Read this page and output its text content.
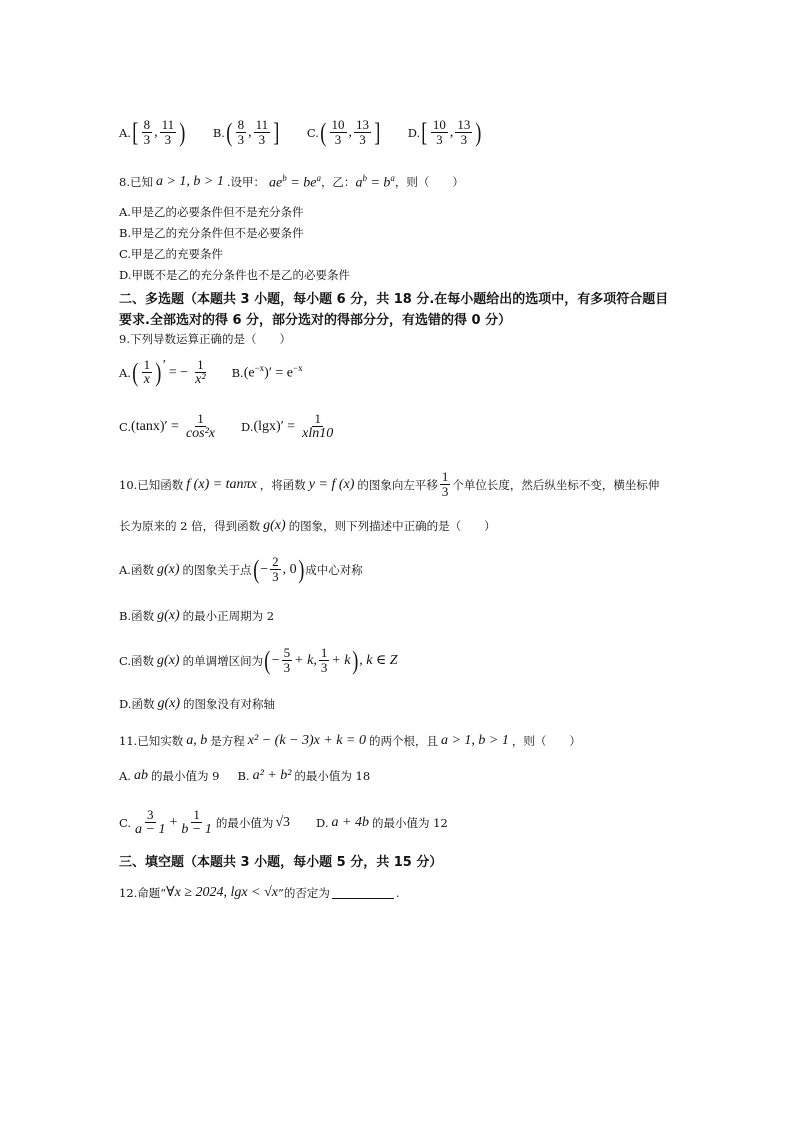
A. [ $\frac{8}{3}$ , $\frac{11}{3}$ ) B. ( $\frac{8}{3}$ , $\frac{11}{3}$ ] C. ( $\frac{10}{3}$ , $\frac{13}{3}$ ] D. [ $\frac{10}{3}$ , $\frac{13}{3}$ )
8.已知 a > 1, b > 1 .设甲： $ae^b = be^a$ ，乙： $a^b = b^a$ ，则（　　）
A.甲是乙的必要条件但不是充分条件
B.甲是乙的充分条件但不是必要条件
C.甲是乙的充要条件
D.甲既不是乙的充分条件也不是乙的必要条件
二、多选题（本题共 3 小题，每小题 6 分，共 18 分.在每小题给出的选项中，有多项符合题目
要求.全部选对的得 6 分，部分选对的得部分分，有选错的得 0 分）
9.下列导数运算正确的是（　　）
A. ( $\frac{1}{x}$ ) ′ = − $\frac{1}{\text{x²}} B$. $(e^{-x})' = e^{-x}$
C. $(\tan x)' = \frac{1}{\text{cos²x}} D$. $(\lg x)' = \frac{1}{xln10}$
10.已知函数 f (x) = tanπx ，将函数 y = f (x) 的图象向左平移 $\frac{1}{3}$ 个单位长度，然后纵坐标不变，横坐标伸
长为原来的 2 倍，得到函数 g(x) 的图象，则下列描述中正确的是（　　）
A.函数 g(x) 的图象关于点 ( − $\frac{2}{3}$ , 0 ) 成中心对称
B.函数 g(x) 的最小正周期为 2
C.函数 g(x) 的单调增区间为 ( − $\frac{5}{3} + k$, $\frac{1}{3} + k$ ) , k ∈ Z
D.函数 g(x) 的图象没有对称轴
11.已知实数 a, b 是方程 x² − (k − 3)x + k = 0 的两个根，且 a > 1, b > 1 ，则（　　）
A. ab 的最小值为 9 B. a² + b² 的最小值为 18
C. $\frac{3}{a - 1} + \frac{1}{b - 1}$ 的最小值为 √3 D. a + 4b 的最小值为 12
三、填空题（本题共 3 小题，每小题 5 分，共 15 分）
12.命题“ ∀x ≥ 2024, lgx < √x ”的否定为	.
